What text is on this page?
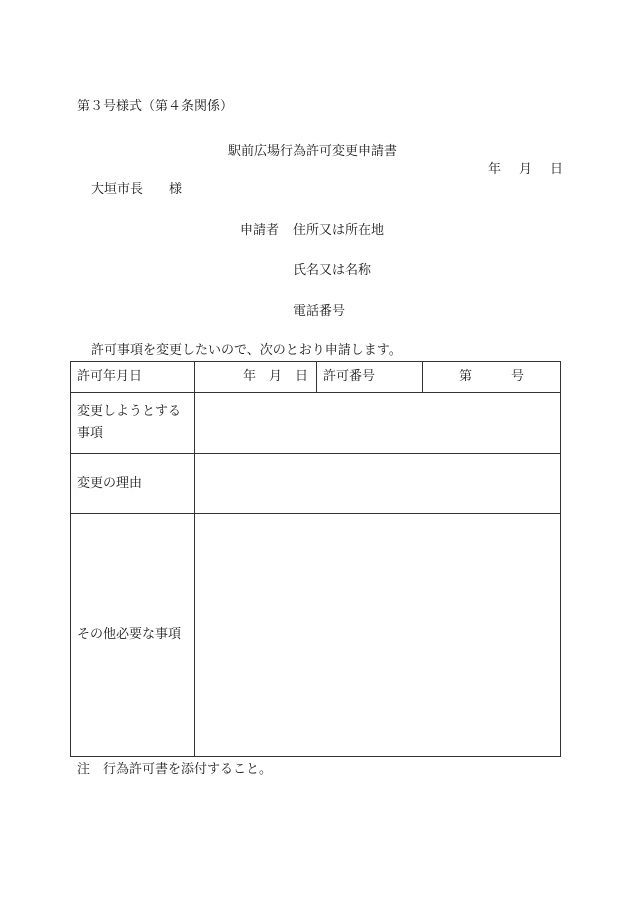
第３号様式（第４条関係）
駅前広場行為許可変更申請書
年 月 日
大垣市長　　様
申請者 住所又は所在地
氏名又は名称
電話番号
許可事項を変更したいので、次のとおり申請します。
許可年月日	年　月　日	許可番号	第　　　号
変更しようとする事項			
変更の理由			
その他必要な事項			
注　行為許可書を添付すること。
